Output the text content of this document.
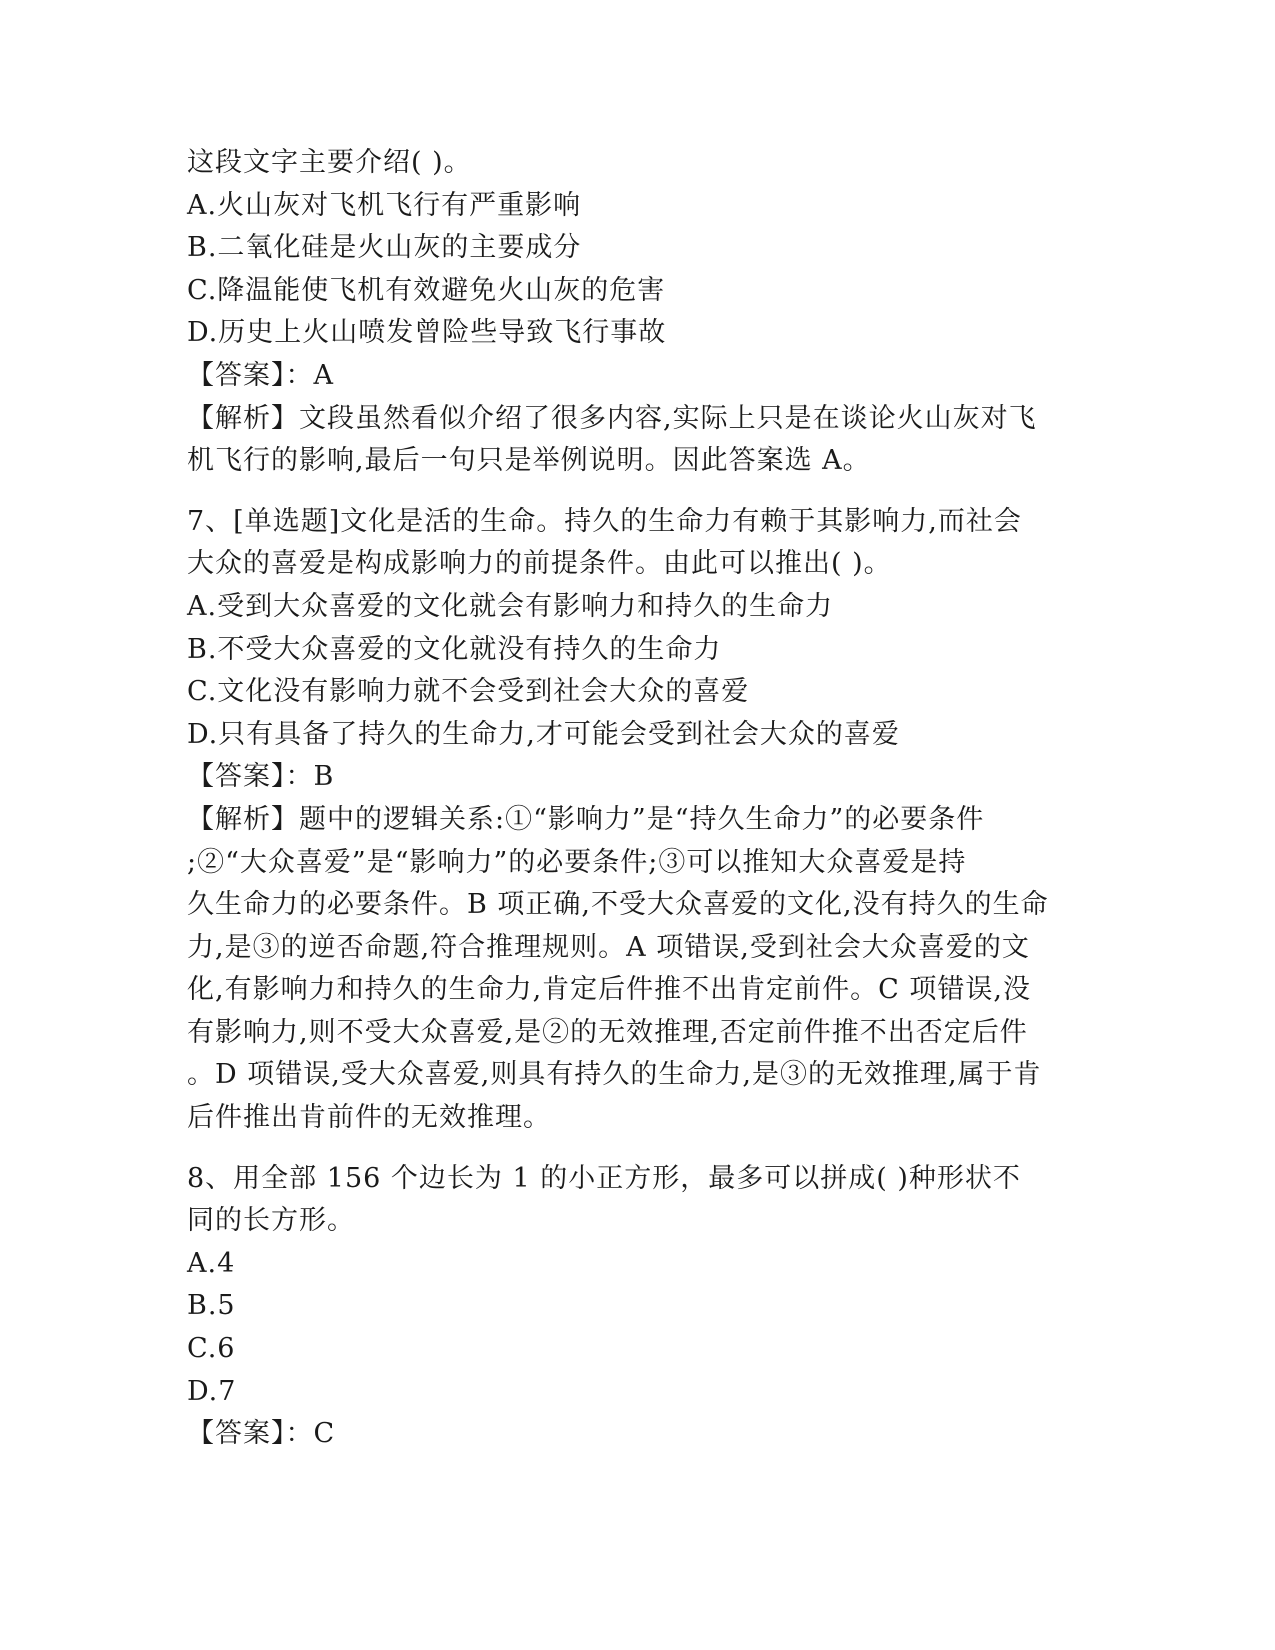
这段文字主要介绍( )。
A.火山灰对飞机飞行有严重影响
B.二氧化硅是火山灰的主要成分
C.降温能使飞机有效避免火山灰的危害
D.历史上火山喷发曾险些导致飞行事故
【答案】：A
【解析】文段虽然看似介绍了很多内容,实际上只是在谈论火山灰对飞
机飞行的影响,最后一句只是举例说明。因此答案选 A。
7、[单选题]文化是活的生命。持久的生命力有赖于其影响力,而社会
大众的喜爱是构成影响力的前提条件。由此可以推出( )。
A.受到大众喜爱的文化就会有影响力和持久的生命力
B.不受大众喜爱的文化就没有持久的生命力
C.文化没有影响力就不会受到社会大众的喜爱
D.只有具备了持久的生命力,才可能会受到社会大众的喜爱
【答案】：B
【解析】题中的逻辑关系:①“影响力”是“持久生命力”的必要条件
;②“大众喜爱”是“影响力”的必要条件;③可以推知大众喜爱是持
久生命力的必要条件。B 项正确,不受大众喜爱的文化,没有持久的生命
力,是③的逆否命题,符合推理规则。A 项错误,受到社会大众喜爱的文
化,有影响力和持久的生命力,肯定后件推不出肯定前件。C 项错误,没
有影响力,则不受大众喜爱,是②的无效推理,否定前件推不出否定后件
。D 项错误,受大众喜爱,则具有持久的生命力,是③的无效推理,属于肯
后件推出肯前件的无效推理。
8、用全部 156 个边长为 1 的小正方形，最多可以拼成( )种形状不
同的长方形。
A.4
B.5
C.6
D.7
【答案】：C
